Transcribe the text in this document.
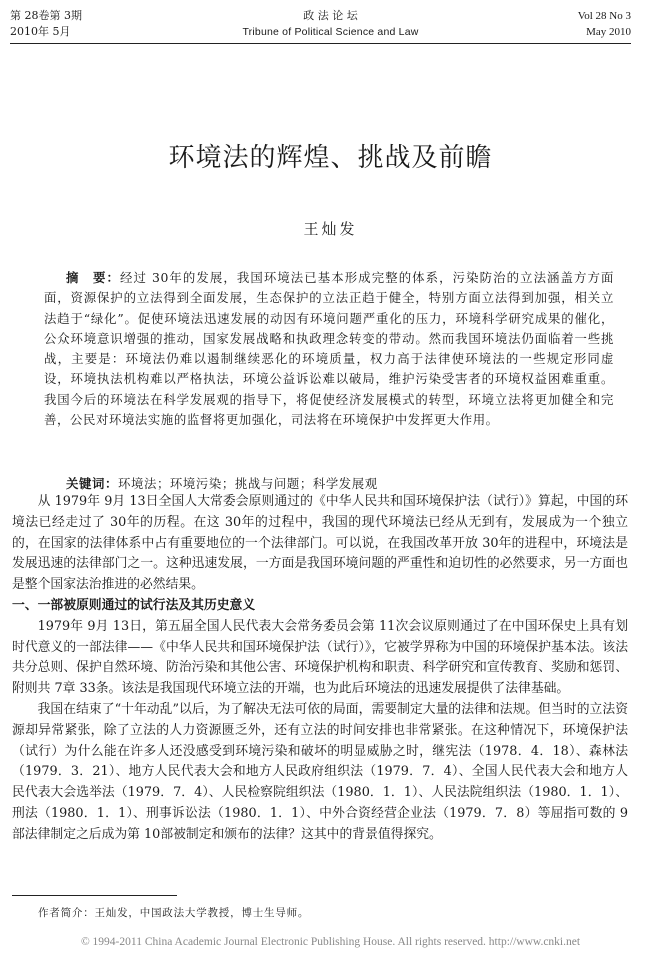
第 28卷第 3期
2010年 5月
政 法 论 坛
Tribune of Political Science and Law
Vol 28 No 3
May 2010
环境法的辉煌、挑战及前瞻
王灿发
摘　要：经过 30年的发展，我国环境法已基本形成完整的体系，污染防治的立法涵盖方方面面，资源保护的立法得到全面发展，生态保护的立法正趋于健全，特别方面立法得到加强，相关立法趋于“绿化”。促使环境法迅速发展的动因有环境问题严重化的压力，环境科学研究成果的催化，公众环境意识增强的推动，国家发展战略和执政理念转变的带动。然而我国环境法仍面临着一些挑战，主要是：环境法仍难以遏制继续恶化的环境质量，权力高于法律使环境法的一些规定形同虚设，环境执法机构难以严格执法，环境公益诉讼难以破局，维护污染受害者的环境权益困难重重。我国今后的环境法在科学发展观的指导下，将促使经济发展模式的转型，环境立法将更加健全和完善，公民对环境法实施的监督将更加强化，司法将在环境保护中发挥更大作用。
关键词：环境法；环境污染；挑战与问题；科学发展观

从 1979年 9月 13日全国人大常委会原则通过的《中华人民共和国环境保护法（试行）》算起，中国的环境法已经走过了 30年的历程。在这 30年的过程中，我国的现代环境法已经从无到有，发展成为一个独立的，在国家的法律体系中占有重要地位的一个法律部门。可以说，在我国改革开放 30年的进程中，环境法是发展迅速的法律部门之一。这种迅速发展，一方面是我国环境问题的严重性和迫切性的必然要求，另一方面也是整个国家法治推进的必然结果。

一、一部被原则通过的试行法及其历史意义

1979年 9月 13日，第五届全国人民代表大会常务委员会第 11次会议原则通过了在中国环保史上具有划时代意义的一部法律——《中华人民共和国环境保护法（试行）》，它被学界称为中国的环境保护基本法。该法共分总则、保护自然环境、防治污染和其他公害、环境保护机构和职责、科学研究和宣传教育、奖励和惩罚、附则共 7章 33条。该法是我国现代环境立法的开端，也为此后环境法的迅速发展提供了法律基础。

我国在结束了“十年动乱”以后，为了解决无法可依的局面，需要制定大量的法律和法规。但当时的立法资源却异常紧张，除了立法的人力资源匮乏外，还有立法的时间安排也非常紧张。在这种情况下，环境保护法（试行）为什么能在许多人还没感受到环境污染和破坏的明显威胁之时，继宪法（1978．4．18）、森林法（1979．3．21）、地方人民代表大会和地方人民政府组织法（1979．7．4）、全国人民代表大会和地方人民代表大会选举法（1979．7．4）、人民检察院组织法（1980．1．1）、人民法院组织法（1980．1．1）、刑法（1980．1．1）、刑事诉讼法（1980．1．1）、中外合资经营企业法（1979．7．8）等屈指可数的 9部法律制定之后成为第 10部被制定和颁布的法律？这其中的背景值得探究。

作者简介：王灿发，中国政法大学教授，博士生导师。
© 1994-2011 China Academic Journal Electronic Publishing House. All rights reserved. http://www.cnki.net
